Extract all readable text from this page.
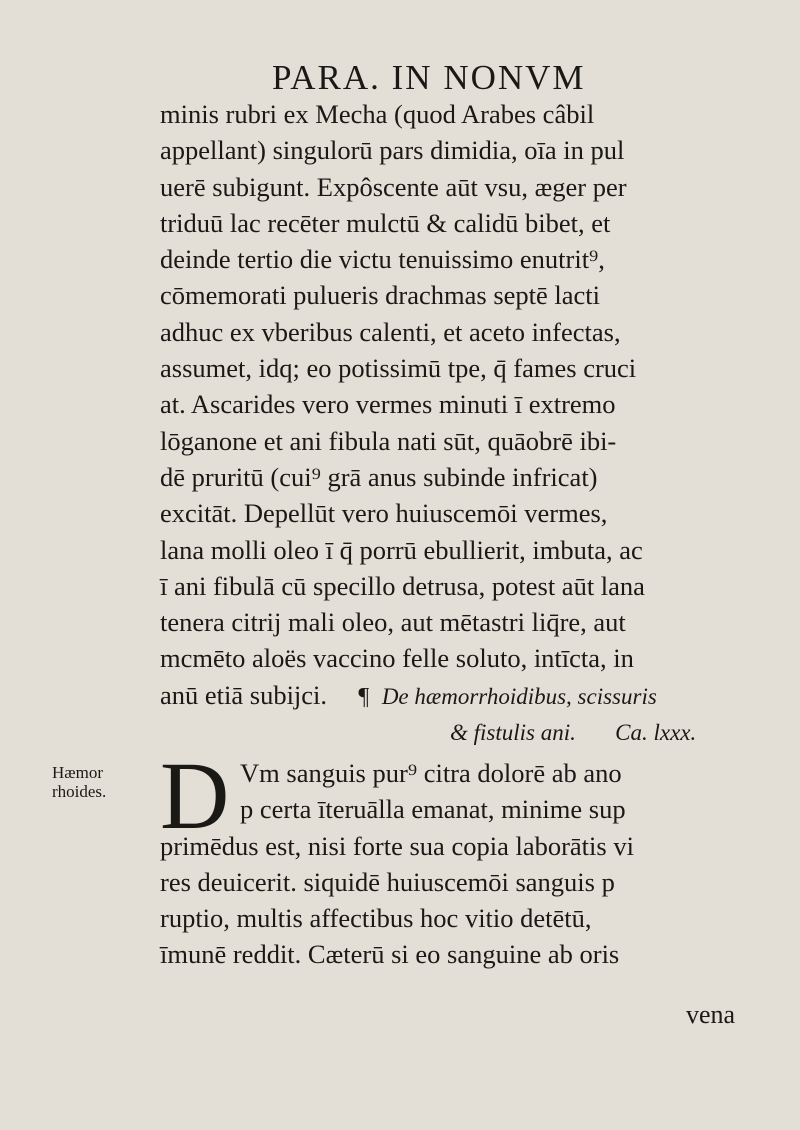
PARA. IN NONVM
minis rubri ex Mecha (quod Arabes câbil
appellant) singulorū pars dimidia, oīa in pul
uerē subigunt. Expôscente aūt vsu, æger per
triduū lac recēter mulctū & calidū bibet, et
deinde tertio die victu tenuissimo enutrit⁹,
cōmemorati pulueris drachmas septē lacti
adhuc ex vberibus calenti, et aceto infectas,
assumet, idq; eo potissimū tpe, q̄ fames cruci
at. Ascarides vero vermes minuti ī extremo
lōganone et ani fibula nati sūt, quāobrē ibi-
dē pruritū (cui⁹ grā anus subinde infricat)
excitāt. Depellūt vero huiuscemōi vermes,
lana molli oleo ī q̄ porrū ebullierit, imbuta, ac
ī ani fibulā cū specillo detrusa, potest aūt lana
tenera citrij mali oleo, aut mētastri liq̄re, aut
mcmēto aloës vaccino felle soluto, intīcta, in
anū etiā subijci. ¶ De hæmorrhoidibus, scissuris
& fistulis ani. Ca. lxxx.
Hæmor
rhoides. D Vm sanguis pur⁹ citra dolorē ab ano
p certa īteruālla emanat, minime sup
primēdus est, nisi forte sua copia laborātis vi
res deuicerit. siquidē huiuscemōi sanguis p
ruptio, multis affectibus hoc vitio detētū,
īmunē reddit. Cæterū si eo sanguine ab oris
vena
